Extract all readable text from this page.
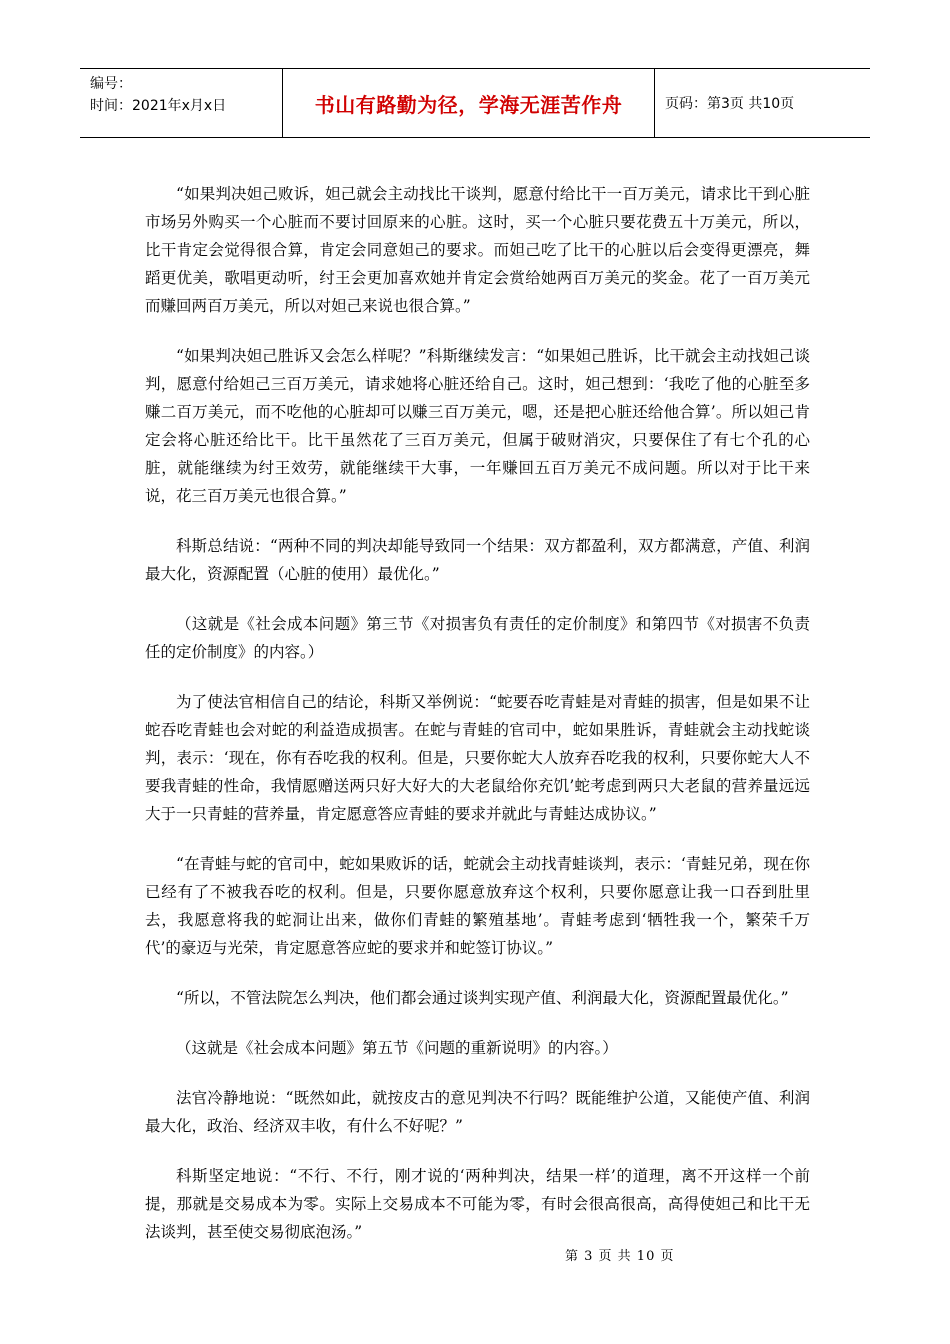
编号：
时间：2021年x月x日	书山有路勤为径，学海无涯苦作舟	页码：第3页 共10页

“如果判决妲己败诉，妲己就会主动找比干谈判，愿意付给比干一百万美元，请求比干到心脏市场另外购买一个心脏而不要讨回原来的心脏。这时，买一个心脏只要花费五十万美元，所以，比干肯定会觉得很合算，肯定会同意妲己的要求。而妲己吃了比干的心脏以后会变得更漂亮，舞蹈更优美，歌唱更动听，纣王会更加喜欢她并肯定会赏给她两百万美元的奖金。花了一百万美元而赚回两百万美元，所以对妲己来说也很合算。”

“如果判决妲己胜诉又会怎么样呢？”科斯继续发言：“如果妲己胜诉，比干就会主动找妲己谈判，愿意付给妲己三百万美元，请求她将心脏还给自己。这时，妲己想到：‘我吃了他的心脏至多赚二百万美元，而不吃他的心脏却可以赚三百万美元，嗯，还是把心脏还给他合算’。所以妲己肯定会将心脏还给比干。比干虽然花了三百万美元，但属于破财消灾，只要保住了有七个孔的心脏，就能继续为纣王效劳，就能继续干大事，一年赚回五百万美元不成问题。所以对于比干来说，花三百万美元也很合算。”

科斯总结说：“两种不同的判决却能导致同一个结果：双方都盈利，双方都满意，产值、利润最大化，资源配置（心脏的使用）最优化。”

（这就是《社会成本问题》第三节《对损害负有责任的定价制度》和第四节《对损害不负责任的定价制度》的内容。）

为了使法官相信自己的结论，科斯又举例说：“蛇要吞吃青蛙是对青蛙的损害，但是如果不让蛇吞吃青蛙也会对蛇的利益造成损害。在蛇与青蛙的官司中，蛇如果胜诉，青蛙就会主动找蛇谈判，表示：‘现在，你有吞吃我的权利。但是，只要你蛇大人放弃吞吃我的权利，只要你蛇大人不要我青蛙的性命，我情愿赠送两只好大好大的大老鼠给你充饥’蛇考虑到两只大老鼠的营养量远远大于一只青蛙的营养量，肯定愿意答应青蛙的要求并就此与青蛙达成协议。”

“在青蛙与蛇的官司中，蛇如果败诉的话，蛇就会主动找青蛙谈判，表示：‘青蛙兄弟，现在你已经有了不被我吞吃的权利。但是，只要你愿意放弃这个权利，只要你愿意让我一口吞到肚里去，我愿意将我的蛇洞让出来，做你们青蛙的繁殖基地’。青蛙考虑到‘牺牲我一个，繁荣千万代’的豪迈与光荣，肯定愿意答应蛇的要求并和蛇签订协议。”

“所以，不管法院怎么判决，他们都会通过谈判实现产值、利润最大化，资源配置最优化。”

（这就是《社会成本问题》第五节《问题的重新说明》的内容。）

法官冷静地说：“既然如此，就按皮古的意见判决不行吗？既能维护公道，又能使产值、利润最大化，政治、经济双丰收，有什么不好呢？”

科斯坚定地说：“不行、不行，刚才说的‘两种判决，结果一样’的道理，离不开这样一个前提，那就是交易成本为零。实际上交易成本不可能为零，有时会很高很高，高得使妲己和比干无法谈判，甚至使交易彻底泡汤。”

第 3 页 共 10 页
